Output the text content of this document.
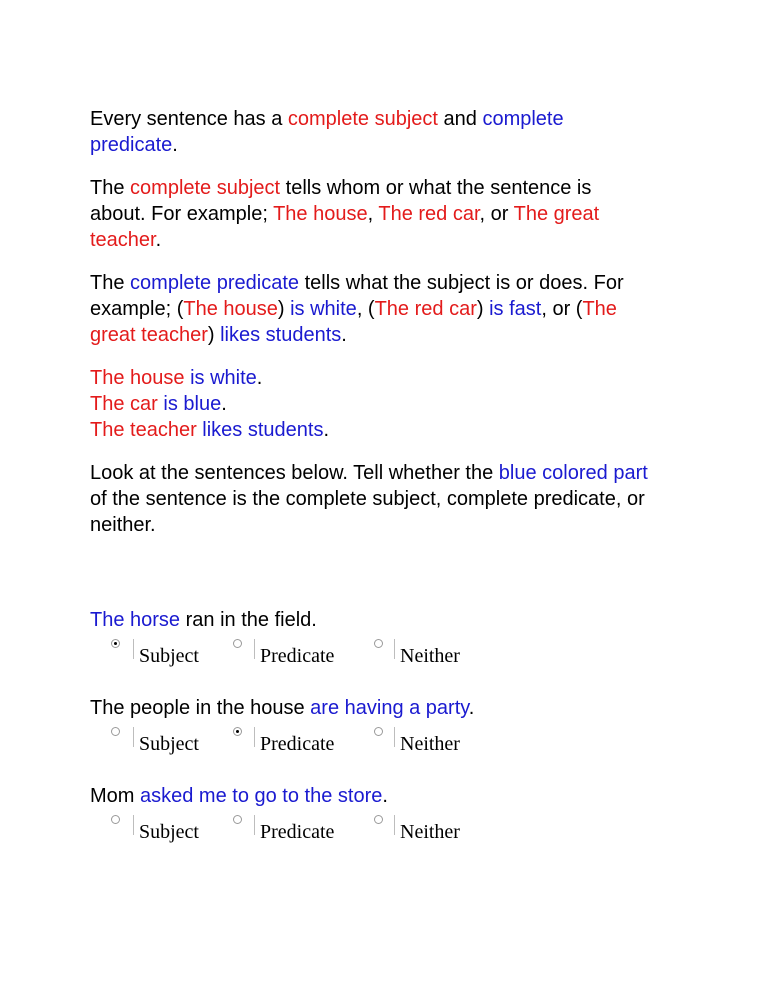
Every sentence has a complete subject and complete predicate.

The complete subject tells whom or what the sentence is about. For example; The house, The red car, or The great teacher.

The complete predicate tells what the subject is or does. For example; (The house) is white, (The red car) is fast, or (The great teacher) likes students.

The house is white.
The car is blue.
The teacher likes students.

Look at the sentences below. Tell whether the blue colored part of the sentence is the complete subject, complete predicate, or neither.

The horse ran in the field.

Subject	Predicate	Neither

The people in the house are having a party.

Subject	Predicate	Neither

Mom asked me to go to the store.

Subject	Predicate	Neither
